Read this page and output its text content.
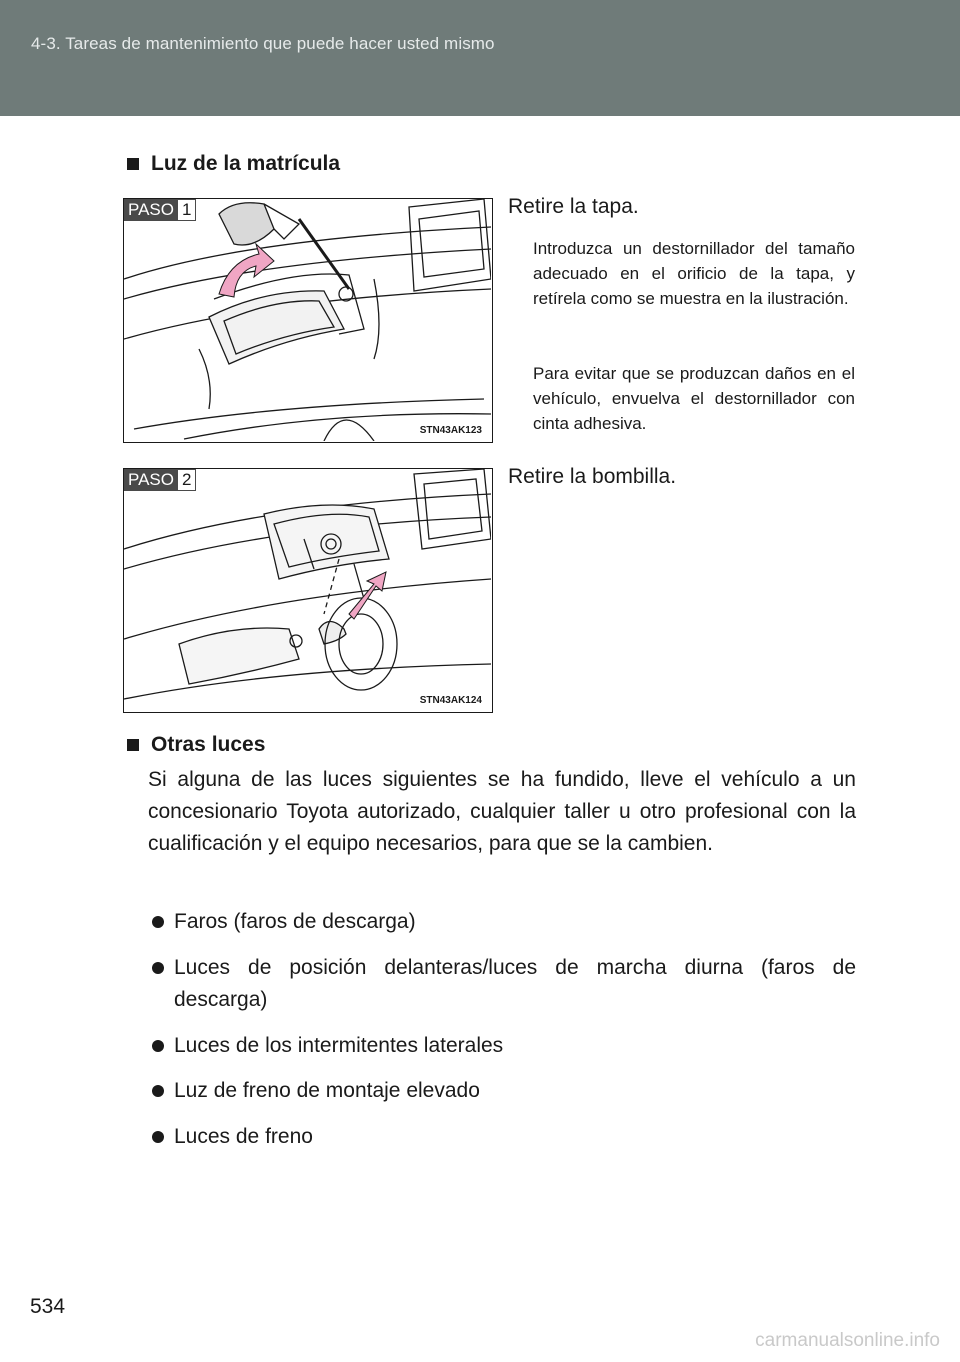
4-3. Tareas de mantenimiento que puede hacer usted mismo
Luz de la matrícula
PASO 1
STN43AK123
Retire la tapa.
Introduzca un destornillador del tamaño adecuado en el orificio de la tapa, y retírela como se muestra en la ilustración.
Para evitar que se produzcan daños en el vehículo, envuelva el destornillador con cinta adhesiva.
PASO 2
STN43AK124
Retire la bombilla.
Otras luces
Si alguna de las luces siguientes se ha fundido, lleve el vehículo a un concesionario Toyota autorizado, cualquier taller u otro profesional con la cualificación y el equipo necesarios, para que se la cambien.
Faros (faros de descarga)
Luces de posición delanteras/luces de marcha diurna (faros de descarga)
Luces de los intermitentes laterales
Luz de freno de montaje elevado
Luces de freno
534
carmanualsonline.info
